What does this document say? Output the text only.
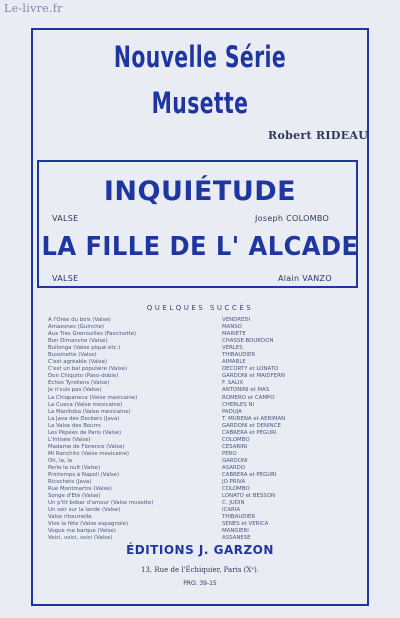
Le-livre.fr
Nouvelle Série
Musette
Robert RIDEAU
INQUIÉTUDE
VALSE	Joseph COLOMBO
LA FILLE DE L' ALCADE
VALSE	Alain VANZO
QUELQUES SUCCÈS
A l'Orée du bois (Valse)	VENDREDI
Amazones (Guinche)	MANSO
Aux Tres Grenouilles (Fascinette)	MARIÈTE
Bon Dimanche (Valse)	CHASSE-BOURDON
Bullonga (Valse piqué etc.)	VERLES
Bussinette (Valse)	THIBAUDIER
C'est agréable (Valse)	AIMABLE
C'est un bal populaire (Valse)	DECORTY et LONATO
Don Chiquito (Paso-doble)	GARDONI et MAIDFERN
Echos Tyroliens (Valse)	F. SALIX
Je n'suis pas (Valse)	ANTONINI et MAS
La Chiapaneca (Valse mexicaine)	ROMERO et CAMPO
La Cueca (Valse mexicaine)	CHERLES NI
La Manitoba (Valse mexicaine)	PADUJA
La Java des Dockers (Java)	T. MURENA et AERIMAN
La Valse des Bourrs	GARDONI et DENINCE
Les Pépées de Paris (Valse)	CABRERA et PEGURI
L'Intisée (Valse)	COLOMBO
Madame de Florence (Valse)	CESARINI
Mi Ranchito (Valse mexicaine)	PERO
Oh, la, la	GARDONI
Perle la nuit (Valse)	ASARDO
Printemps à Napoli (Valse)	CABRERA et PEGURI
Ricochets (Java)	JO PRIVA
Rue Montmartre (Valse)	COLOMBO
Songe d'Été (Valse)	LONATO et BESSON
Un p'tit bobar d'amour (Valse musette)	C. JUDIN
Un soir sur la lande (Valse)	ICARIA
Valse ritournelle	THIBAUDIER
Vive la fête (Valse espagnole)	SENES et VERICA
Vogue ma barque (Valse)	MANGIERI
Voici, voici, voici (Valse)	ASSANESE
ÉDITIONS J. GARZON
13, Rue de l'Échiquier, Paris (Xᵉ).
PRO. 39-15
